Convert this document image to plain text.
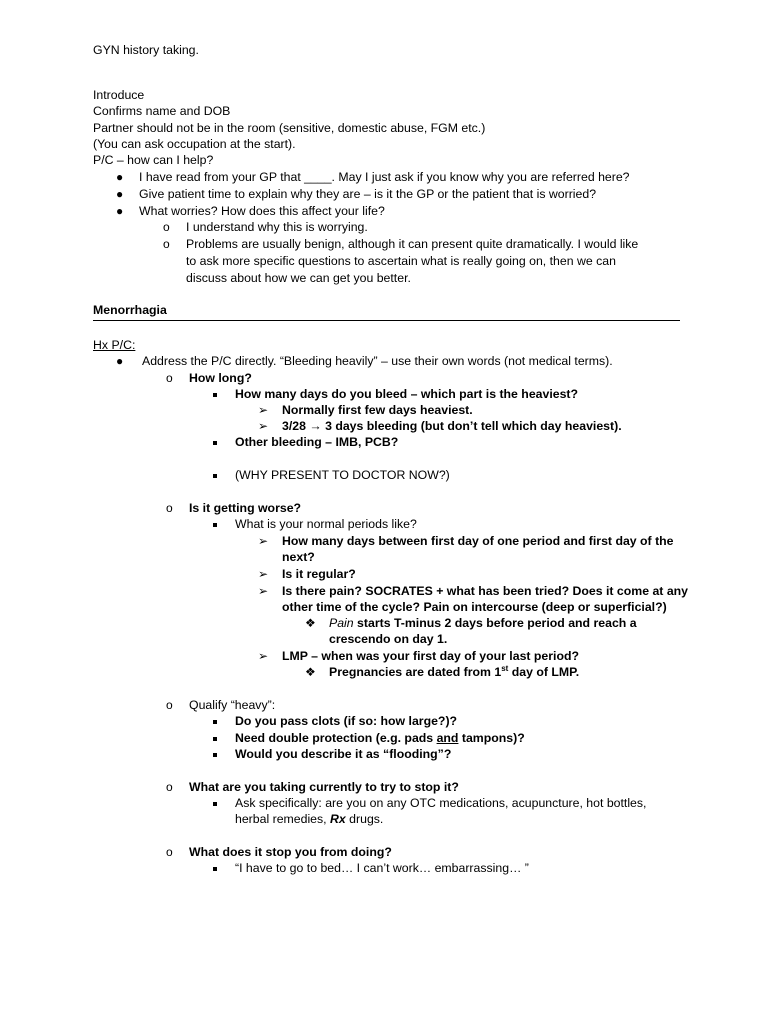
GYN history taking.
Introduce
Confirms name and DOB
Partner should not be in the room (sensitive, domestic abuse, FGM etc.)
(You can ask occupation at the start).
P/C – how can I help?
● I have read from your GP that ____. May I just ask if you know why you are referred here?
● Give patient time to explain why they are – is it the GP or the patient that is worried?
● What worries? How does this affect your life?
o I understand why this is worrying.
o Problems are usually benign, although it can present quite dramatically. I would like
to ask more specific questions to ascertain what is really going on, then we can
discuss about how we can get you better.
Menorrhagia
Hx P/C:
● Address the P/C directly. “Bleeding heavily” – use their own words (not medical terms).
o How long?
How many days do you bleed – which part is the heaviest?
➢ Normally first few days heaviest.
➢ 3/28 → 3 days bleeding (but don’t tell which day heaviest).
Other bleeding – IMB, PCB?
(WHY PRESENT TO DOCTOR NOW?)
o Is it getting worse?
What is your normal periods like?
➢ How many days between first day of one period and first day of the
next?
➢ Is it regular?
➢ Is there pain? SOCRATES + what has been tried? Does it come at any
other time of the cycle? Pain on intercourse (deep or superficial?)
❖ Pain starts T-minus 2 days before period and reach a
crescendo on day 1.
➢ LMP – when was your first day of your last period?
❖ Pregnancies are dated from 1st day of LMP.
o Qualify “heavy”:
Do you pass clots (if so: how large?)?
Need double protection (e.g. pads and tampons)?
Would you describe it as “flooding”?
o What are you taking currently to try to stop it?
Ask specifically: are you on any OTC medications, acupuncture, hot bottles,
herbal remedies, Rx drugs.
o What does it stop you from doing?
“I have to go to bed… I can’t work… embarrassing… ”
